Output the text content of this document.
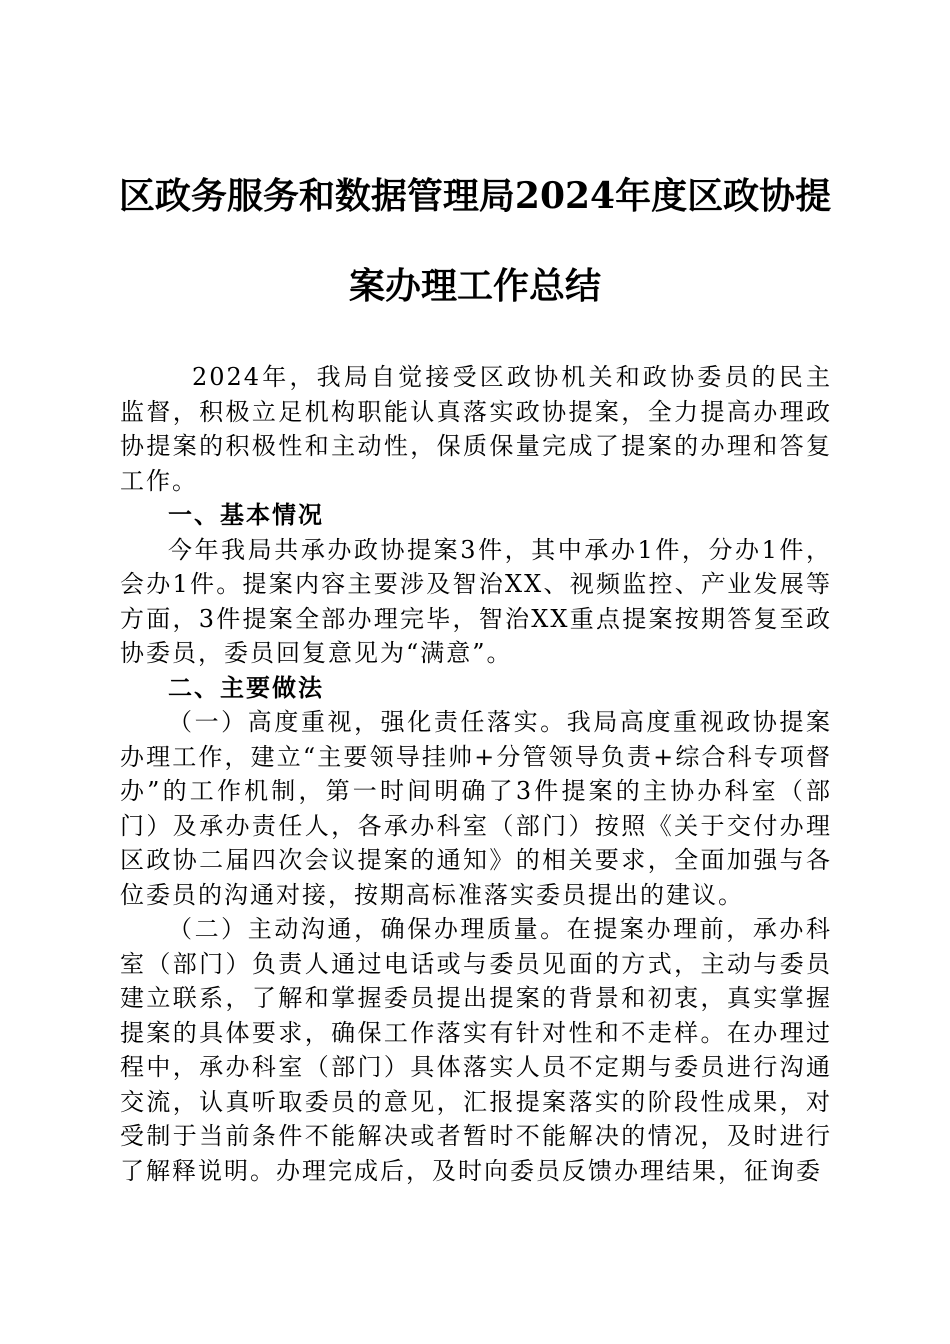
区政务服务和数据管理局2024年度区政协提
案办理工作总结

2024年，我局自觉接受区政协机关和政协委员的民主监督，积极立足机构职能认真落实政协提案，全力提高办理政协提案的积极性和主动性，保质保量完成了提案的办理和答复工作。

一、基本情况

今年我局共承办政协提案3件，其中承办1件，分办1件，会办1件。提案内容主要涉及智治XX、视频监控、产业发展等方面，3件提案全部办理完毕，智治XX重点提案按期答复至政协委员，委员回复意见为“满意”。

二、主要做法

（一）高度重视，强化责任落实。我局高度重视政协提案办理工作，建立“主要领导挂帅+分管领导负责+综合科专项督办”的工作机制，第一时间明确了3件提案的主协办科室（部门）及承办责任人，各承办科室（部门）按照《关于交付办理区政协二届四次会议提案的通知》的相关要求，全面加强与各位委员的沟通对接，按期高标准落实委员提出的建议。

（二）主动沟通，确保办理质量。在提案办理前，承办科室（部门）负责人通过电话或与委员见面的方式，主动与委员建立联系，了解和掌握委员提出提案的背景和初衷，真实掌握提案的具体要求，确保工作落实有针对性和不走样。在办理过程中，承办科室（部门）具体落实人员不定期与委员进行沟通交流，认真听取委员的意见，汇报提案落实的阶段性成果，对受制于当前条件不能解决或者暂时不能解决的情况，及时进行了解释说明。办理完成后，及时向委员反馈办理结果，征询委
